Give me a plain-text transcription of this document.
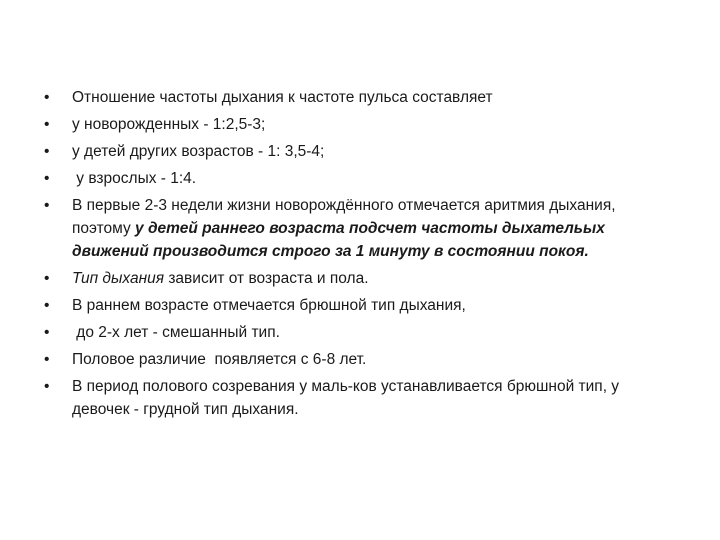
•	Отношение частоты дыхания к частоте пульса составляет
•	у новорожденных - 1:2,5-3;
•	у детей других возрастов - 1: 3,5-4;
•	у взрослых - 1:4.
•	В первые 2-3 недели жизни новорождённого отмечается аритмия дыхания, поэтому у детей раннего возраста подсчет частоты дыхательых движений производится строго за 1 минуту в состоянии покоя.
•	Тип дыхания зависит от возраста и пола.
•	В раннем возрасте отмечается брюшной тип дыхания,
•	до 2-х лет - смешанный тип.
•	Половое различие  появляется с 6-8 лет.
•	В период полового созревания у маль-ков устанавливается брюшной тип, у девочек - грудной тип дыхания.
